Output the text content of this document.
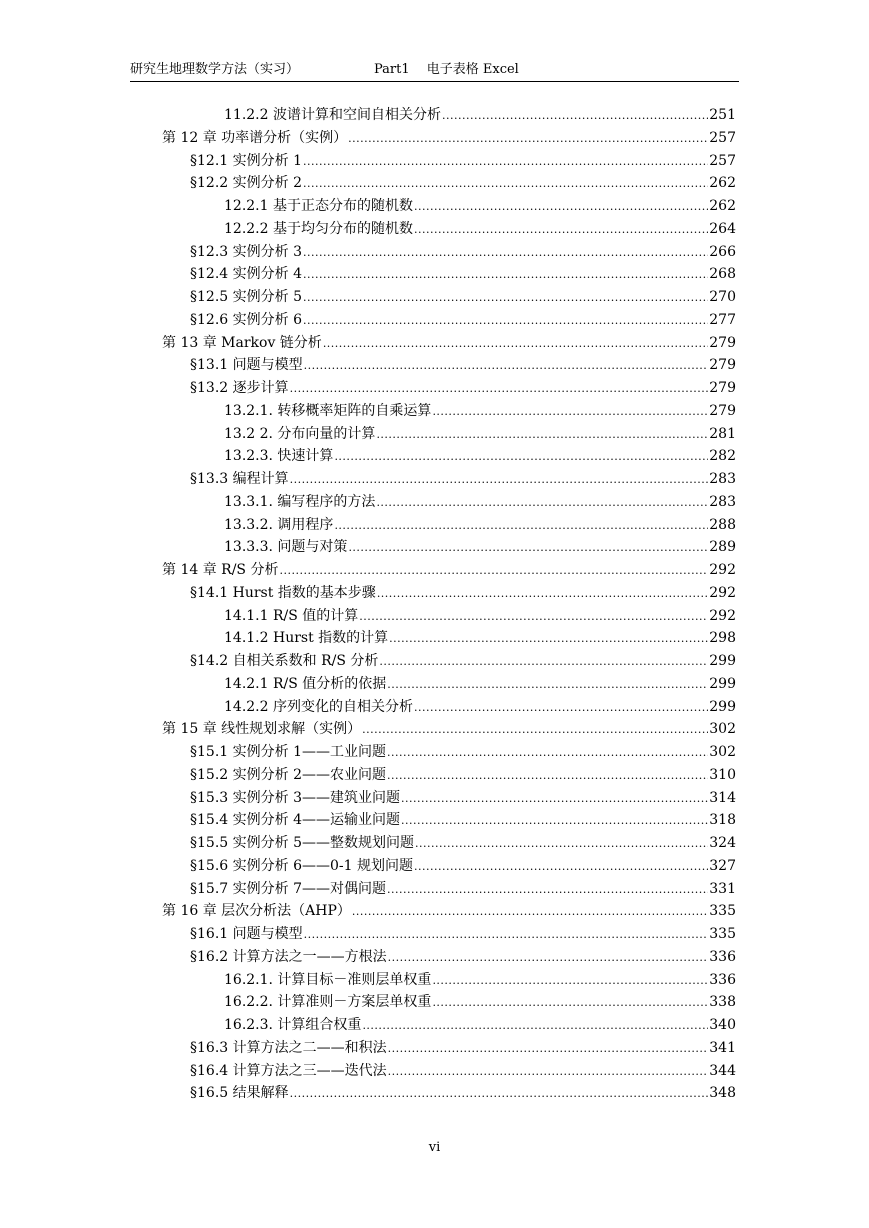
研究生地理数学方法（实习）	Part1　 电子表格 Excel
11.2.2 波谱计算和空间自相关分析 .....	251
第 12 章 功率谱分析（实例） .....	257
§12.1 实例分析 1 .....	257
§12.2 实例分析 2 .....	262
12.2.1 基于正态分布的随机数 .....	262
12.2.2 基于均匀分布的随机数 .....	264
§12.3 实例分析 3 .....	266
§12.4 实例分析 4 .....	268
§12.5 实例分析 5 .....	270
§12.6 实例分析 6 .....	277
第 13 章 Markov 链分析 .....	279
§13.1 问题与模型 .....	279
§13.2 逐步计算 .....	279
13.2.1. 转移概率矩阵的自乘运算 .....	279
13.2 2. 分布向量的计算 .....	281
13.2.3. 快速计算 .....	282
§13.3 编程计算 .....	283
13.3.1. 编写程序的方法 .....	283
13.3.2. 调用程序 .....	288
13.3.3. 问题与对策 .....	289
第 14 章 R/S 分析 .....	292
§14.1 Hurst 指数的基本步骤 .....	292
14.1.1 R/S 值的计算 .....	292
14.1.2 Hurst 指数的计算 .....	298
§14.2 自相关系数和 R/S 分析 .....	299
14.2.1 R/S 值分析的依据 .....	299
14.2.2 序列变化的自相关分析 .....	299
第 15 章 线性规划求解（实例） .....	302
§15.1 实例分析 1——工业问题 .....	302
§15.2 实例分析 2——农业问题 .....	310
§15.3 实例分析 3——建筑业问题 .....	314
§15.4 实例分析 4——运输业问题 .....	318
§15.5 实例分析 5——整数规划问题 .....	324
§15.6 实例分析 6——0-1 规划问题 .....	327
§15.7 实例分析 7——对偶问题 .....	331
第 16 章 层次分析法（AHP） .....	335
§16.1 问题与模型 .....	335
§16.2 计算方法之一——方根法 .....	336
16.2.1. 计算目标－准则层单权重 .....	336
16.2.2. 计算准则－方案层单权重 .....	338
16.2.3. 计算组合权重 .....	340
§16.3 计算方法之二——和积法 .....	341
§16.4 计算方法之三——迭代法 .....	344
§16.5 结果解释 .....	348
vi
